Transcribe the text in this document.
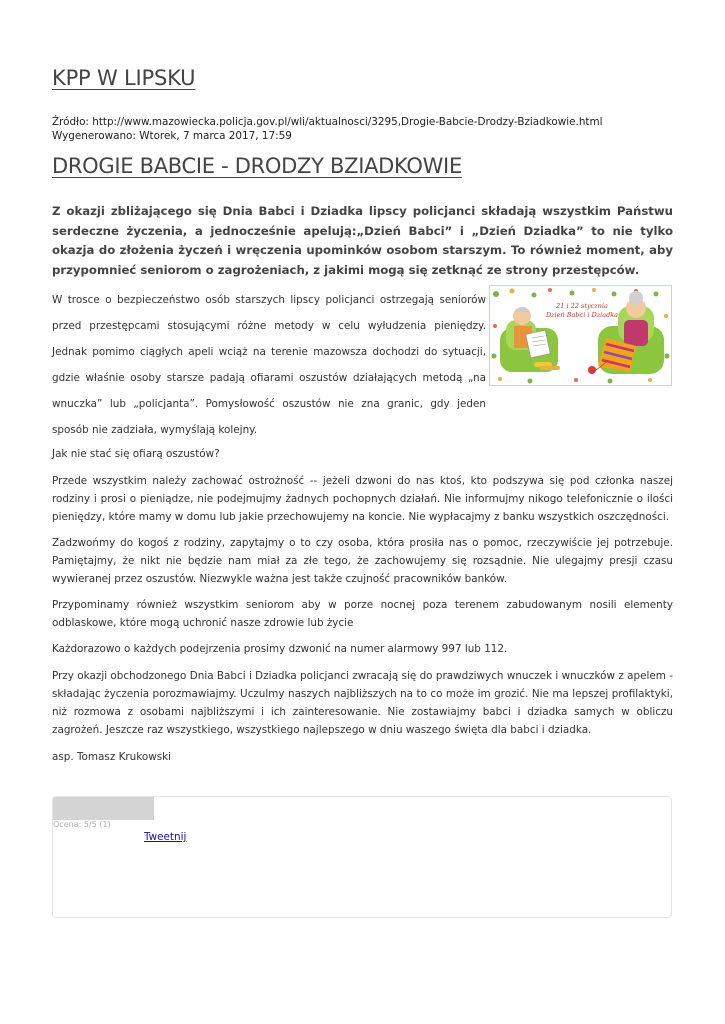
KPP W LIPSKU
Źródło: http://www.mazowiecka.policja.gov.pl/wli/aktualnosci/3295,Drogie-Babcie-Drodzy-Bziadkowie.html
Wygenerowano: Wtorek, 7 marca 2017, 17:59
DROGIE BABCIE - DRODZY BZIADKOWIE

Z okazji zbliżającego się Dnia Babci i Dziadka lipscy policjanci składają wszystkim Państwu serdeczne życzenia, a jednocześnie apelują:„Dzień Babci” i „Dzień Dziadka” to nie tylko okazja do złożenia życzeń i wręczenia upominków osobom starszym. To również moment, aby przypomnieć seniorom o zagrożeniach, z jakimi mogą się zetknąć ze strony przestępców.

W trosce o bezpieczeństwo osób starszych lipscy policjanci ostrzegają seniorów przed przestępcami stosującymi różne metody w celu wyłudzenia pieniędzy. Jednak pomimo ciągłych apeli wciąż na terenie mazowsza dochodzi do sytuacji, gdzie właśnie osoby starsze padają ofiarami oszustów działających metodą „na wnuczka” lub „policjanta”. Pomysłowość oszustów nie zna granic, gdy jeden sposób nie zadziała, wymyślają kolejny.

21 i 22 stycznia
Dzień Babci i Dziadka

Jak nie stać się ofiarą oszustów?

Przede wszystkim należy zachować ostrożność -- jeżeli dzwoni do nas ktoś, kto podszywa się pod członka naszej rodziny i prosi o pieniądze, nie podejmujmy żadnych pochopnych działań. Nie informujmy nikogo telefonicznie o ilości pieniędzy, które mamy w domu lub jakie przechowujemy na koncie. Nie wypłacajmy z banku wszystkich oszczędności.

Zadzwońmy do kogoś z rodziny, zapytajmy o to czy osoba, która prosiła nas o pomoc, rzeczywiście jej potrzebuje. Pamiętajmy, że nikt nie będzie nam miał za złe tego, że zachowujemy się rozsądnie. Nie ulegajmy presji czasu wywieranej przez oszustów. Niezwykle ważna jest także czujność pracowników banków.

Przypominamy również wszystkim seniorom aby w porze nocnej poza terenem zabudowanym nosili elementy odblaskowe, które mogą uchronić nasze zdrowie lub życie

Każdorazowo o każdych podejrzenia prosimy dzwonić na numer alarmowy 997 lub 112.

Przy okazji obchodzonego Dnia Babci i Dziadka policjanci zwracają się do prawdziwych wnuczek i wnuczków z apelem - składając życzenia porozmawiajmy. Uczulmy naszych najbliższych na to co może im grozić. Nie ma lepszej profilaktyki, niż rozmowa z osobami najbliższymi i ich zainteresowanie. Nie zostawiajmy babci i dziadka samych w obliczu zagrożeń. Jeszcze raz wszystkiego, wszystkiego najlepszego w dniu waszego święta dla babci i dziadka.

asp. Tomasz Krukowski

Ocena: 5/5 (1)
Tweetnij
